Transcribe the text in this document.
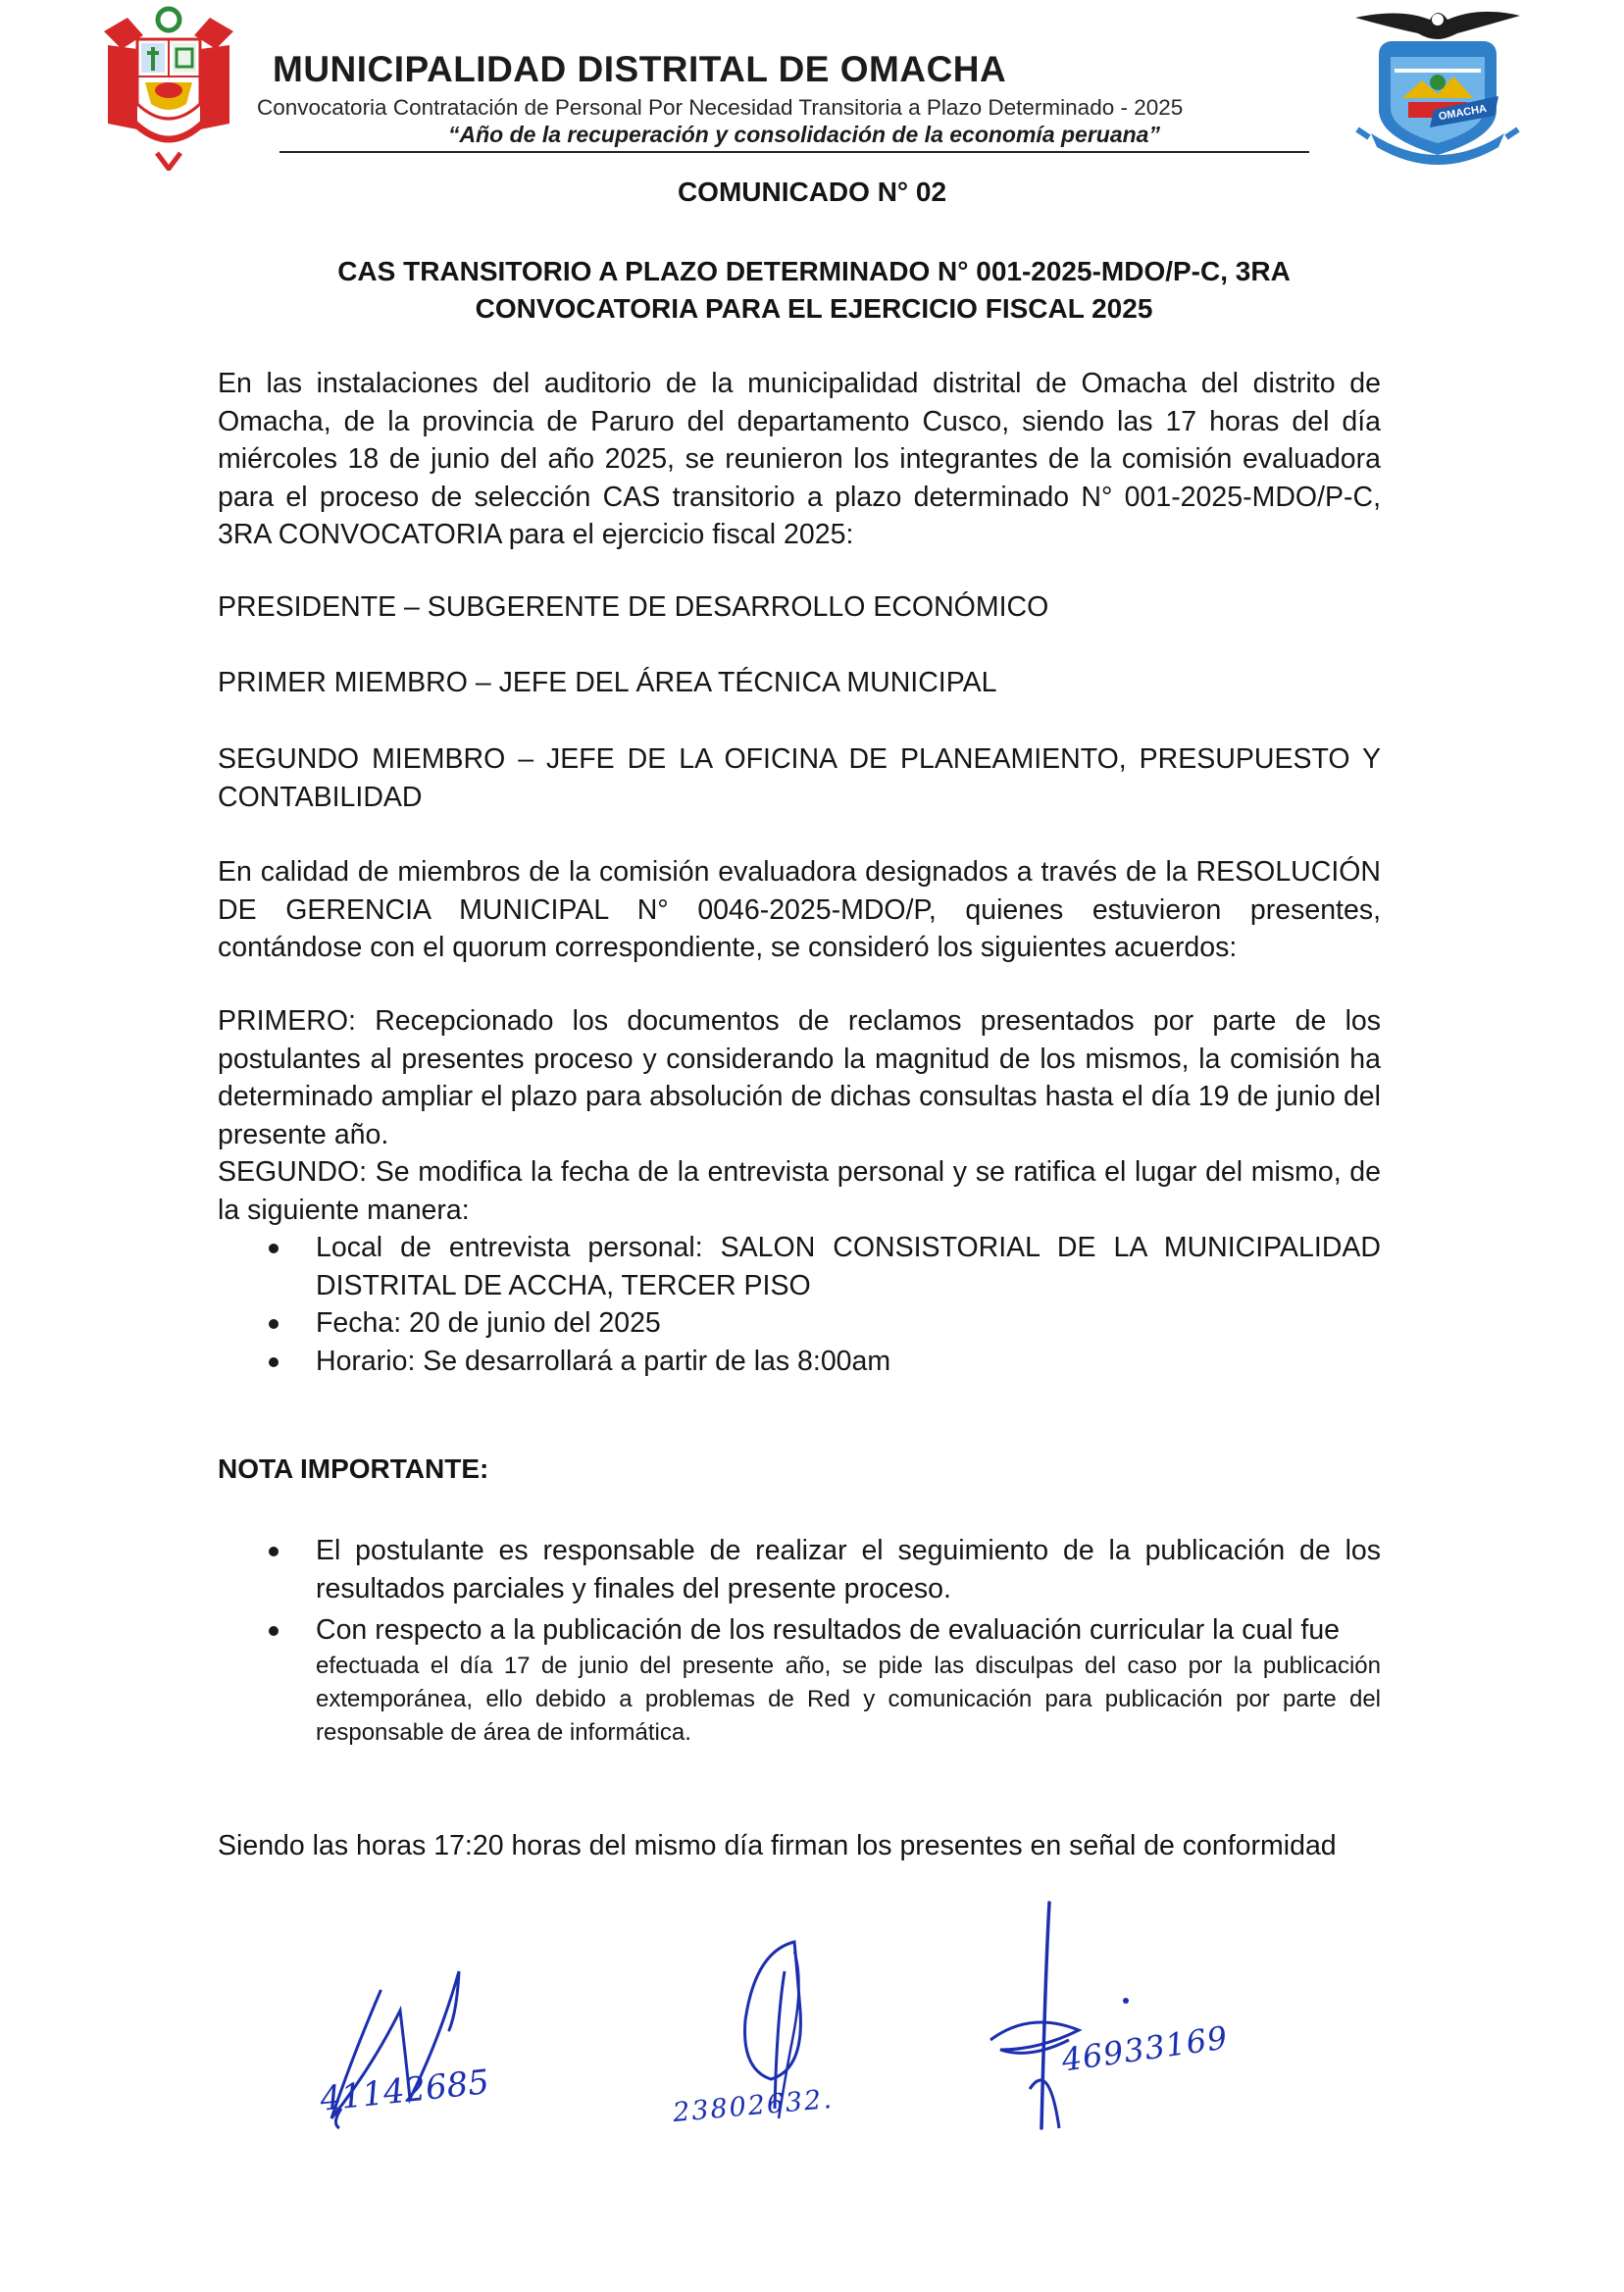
OMACHA
MUNICIPALIDAD DISTRITAL DE OMACHA
Convocatoria Contratación de Personal Por Necesidad Transitoria a Plazo Determinado - 2025
“Año de la recuperación y consolidación de la economía peruana”
COMUNICADO N° 02
CAS TRANSITORIO A PLAZO DETERMINADO N° 001-2025-MDO/P-C, 3RA
CONVOCATORIA PARA EL EJERCICIO FISCAL 2025

En las instalaciones del auditorio de la municipalidad distrital de Omacha del distrito de Omacha, de la provincia de Paruro del departamento Cusco, siendo las 17 horas del día miércoles 18 de junio del año 2025, se reunieron los integrantes de la comisión evaluadora para el proceso de selección CAS transitorio a plazo determinado N° 001-2025-MDO/P-C, 3RA CONVOCATORIA para el ejercicio fiscal 2025:

PRESIDENTE – SUBGERENTE DE DESARROLLO ECONÓMICO
PRIMER MIEMBRO – JEFE DEL ÁREA TÉCNICA MUNICIPAL
SEGUNDO MIEMBRO – JEFE DE LA OFICINA DE PLANEAMIENTO, PRESUPUESTO Y CONTABILIDAD

En calidad de miembros de la comisión evaluadora designados a través de la RESOLUCIÓN DE GERENCIA MUNICIPAL N° 0046-2025-MDO/P, quienes estuvieron presentes, contándose con el quorum correspondiente, se consideró los siguientes acuerdos:

PRIMERO: Recepcionado los documentos de reclamos presentados por parte de los postulantes al presentes proceso y considerando la magnitud de los mismos, la comisión ha determinado ampliar el plazo para absolución de dichas consultas hasta el día 19 de junio del presente año.

SEGUNDO: Se modifica la fecha de la entrevista personal y se ratifica el lugar del mismo, de la siguiente manera:

Local de entrevista personal: SALON CONSISTORIAL DE LA MUNICIPALIDAD DISTRITAL DE ACCHA, TERCER PISO
Fecha: 20 de junio del 2025
Horario: Se desarrollará a partir de las 8:00am
NOTA IMPORTANTE:
El postulante es responsable de realizar el seguimiento de la publicación de los resultados parciales y finales del presente proceso.
Con respecto a la publicación de los resultados de evaluación curricular la cual fue
efectuada el día 17 de junio del presente año, se pide las disculpas del caso por la publicación extemporánea, ello debido a problemas de Red y comunicación para publicación por parte del responsable de área de informática.
Siendo las horas 17:20 horas del mismo día firman los presentes en señal de conformidad
41142685	23802632.
46933169
